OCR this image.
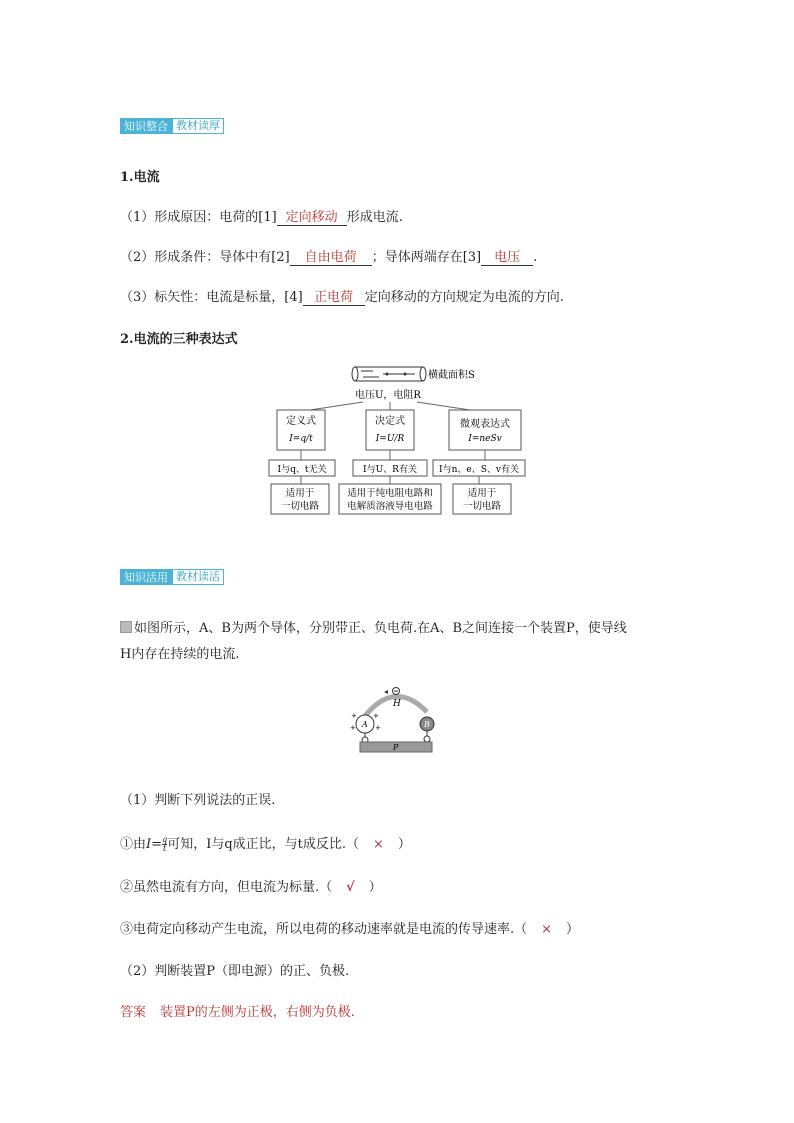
知识整合 教材读厚
1.电流
（1）形成原因：电荷的[1] 定向移动 形成电流.
（2）形成条件：导体中有[2] 自由电荷 ；导体两端存在[3] 电压 .
（3）标矢性：电流是标量，[4] 正电荷 定向移动的方向规定为电流的方向.
2.电流的三种表达式
横截面积S
电压U，电阻R
定义式
I=q/t
决定式
I=U/R
微观表达式
I=neSv
I与q、t无关	I与U、R有关 I与n、e、S、v有关
适用于
一切电路
适用于纯电阻电路和
电解质溶液导电电路
适用于
一切电路
知识活用 教材读活
如图所示，A、B为两个导体，分别带正、负电荷.在A、B之间连接一个装置P，使导线
H内存在持续的电流.
H
A
+ +
+	+	B
P
（1）判断下列说法的正误.
①由$I= \frac{q}{t}$ 可知，I与q成正比，与t成反比.（ × ）
②虽然电流有方向，但电流为标量.（ √ ）
③电荷定向移动产生电流，所以电荷的移动速率就是电流的传导速率.（ × ）
（2）判断装置P（即电源）的正、负极.
答案 装置P的左侧为正极，右侧为负极.
